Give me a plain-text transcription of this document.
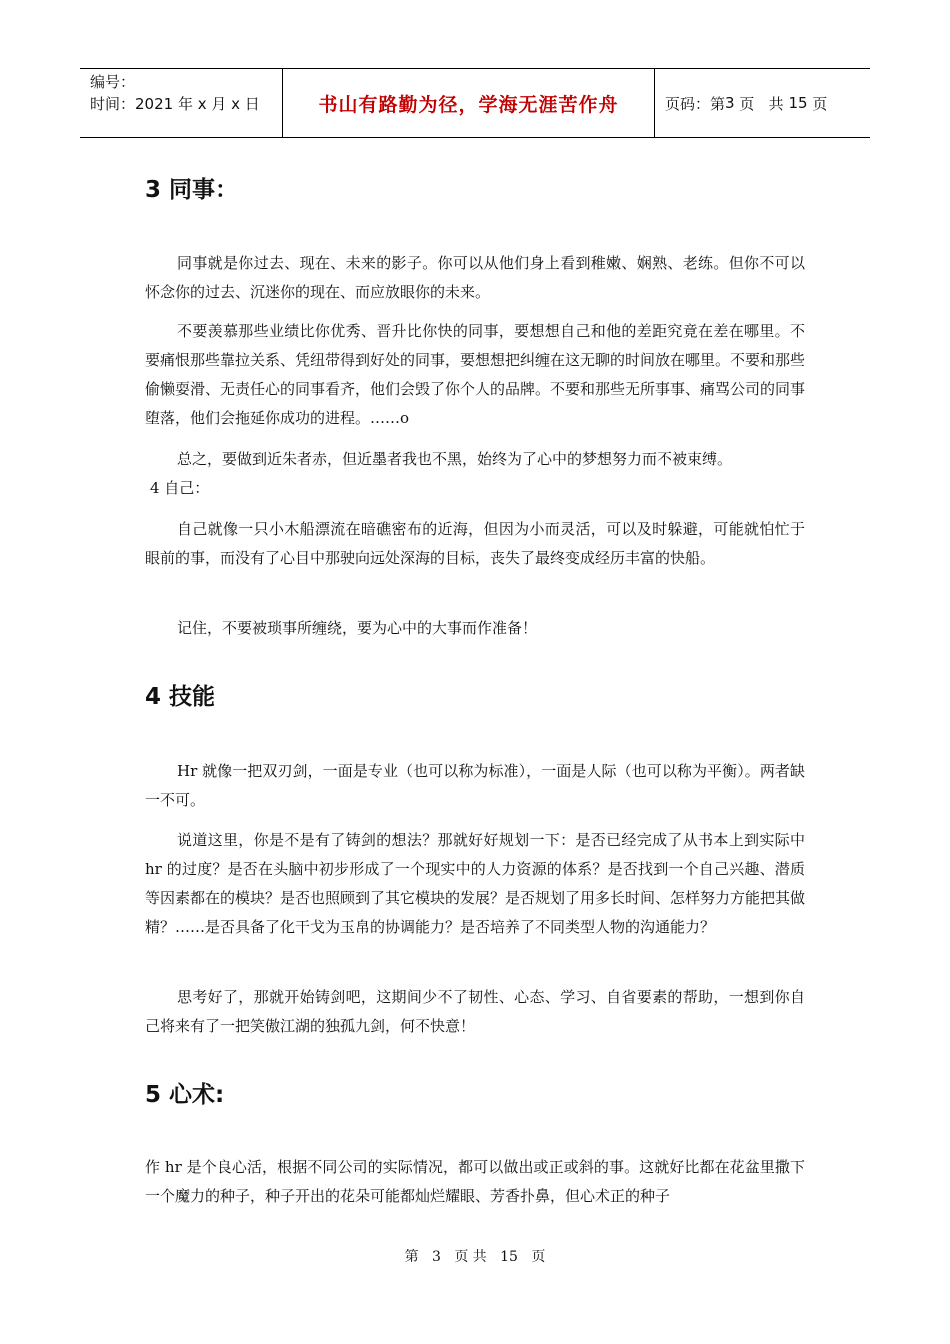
编号：
时间：2021 年 x 月 x 日	书山有路勤为径，学海无涯苦作舟	页码：第 3
页   共
15
页
3 同事：

同事就是你过去、现在、未来的影子。你可以从他们身上看到稚嫩、娴熟、老练。但你不可以怀念你的过去、沉迷你的现在、而应放眼你的未来。

不要羡慕那些业绩比你优秀、晋升比你快的同事，要想想自己和他的差距究竟在差在哪里。不要痛恨那些靠拉关系、凭纽带得到好处的同事，要想想把纠缠在这无聊的时间放在哪里。不要和那些偷懒耍滑、无责任心的同事看齐，他们会毁了你个人的品牌。不要和那些无所事事、痛骂公司的同事堕落，他们会拖延你成功的进程。……o

总之，要做到近朱者赤，但近墨者我也不黑，始终为了心中的梦想努力而不被束缚。

4 自己：

自己就像一只小木船漂流在暗礁密布的近海，但因为小而灵活，可以及时躲避，可能就怕忙于眼前的事，而没有了心目中那驶向远处深海的目标，丧失了最终变成经历丰富的快船。

记住，不要被琐事所缠绕，要为心中的大事而作准备！

4 技能

Hr 就像一把双刃剑，一面是专业（也可以称为标准），一面是人际（也可以称为平衡）。两者缺一不可。

说道这里，你是不是有了铸剑的想法？那就好好规划一下：是否已经完成了从书本上到实际中 hr 的过度？是否在头脑中初步形成了一个现实中的人力资源的体系？是否找到一个自己兴趣、潜质等因素都在的模块？是否也照顾到了其它模块的发展？是否规划了用多长时间、怎样努力方能把其做精？……是否具备了化干戈为玉帛的协调能力？是否培养了不同类型人物的沟通能力？

思考好了，那就开始铸剑吧，这期间少不了韧性、心态、学习、自省要素的帮助，一想到你自己将来有了一把笑傲江湖的独孤九剑，何不快意！

5 心术:

作 hr 是个良心活，根据不同公司的实际情况，都可以做出或正或斜的事。这就好比都在花盆里撒下一个魔力的种子，种子开出的花朵可能都灿烂耀眼、芳香扑鼻，但心术正的种子

第 3 页 共 15 页
